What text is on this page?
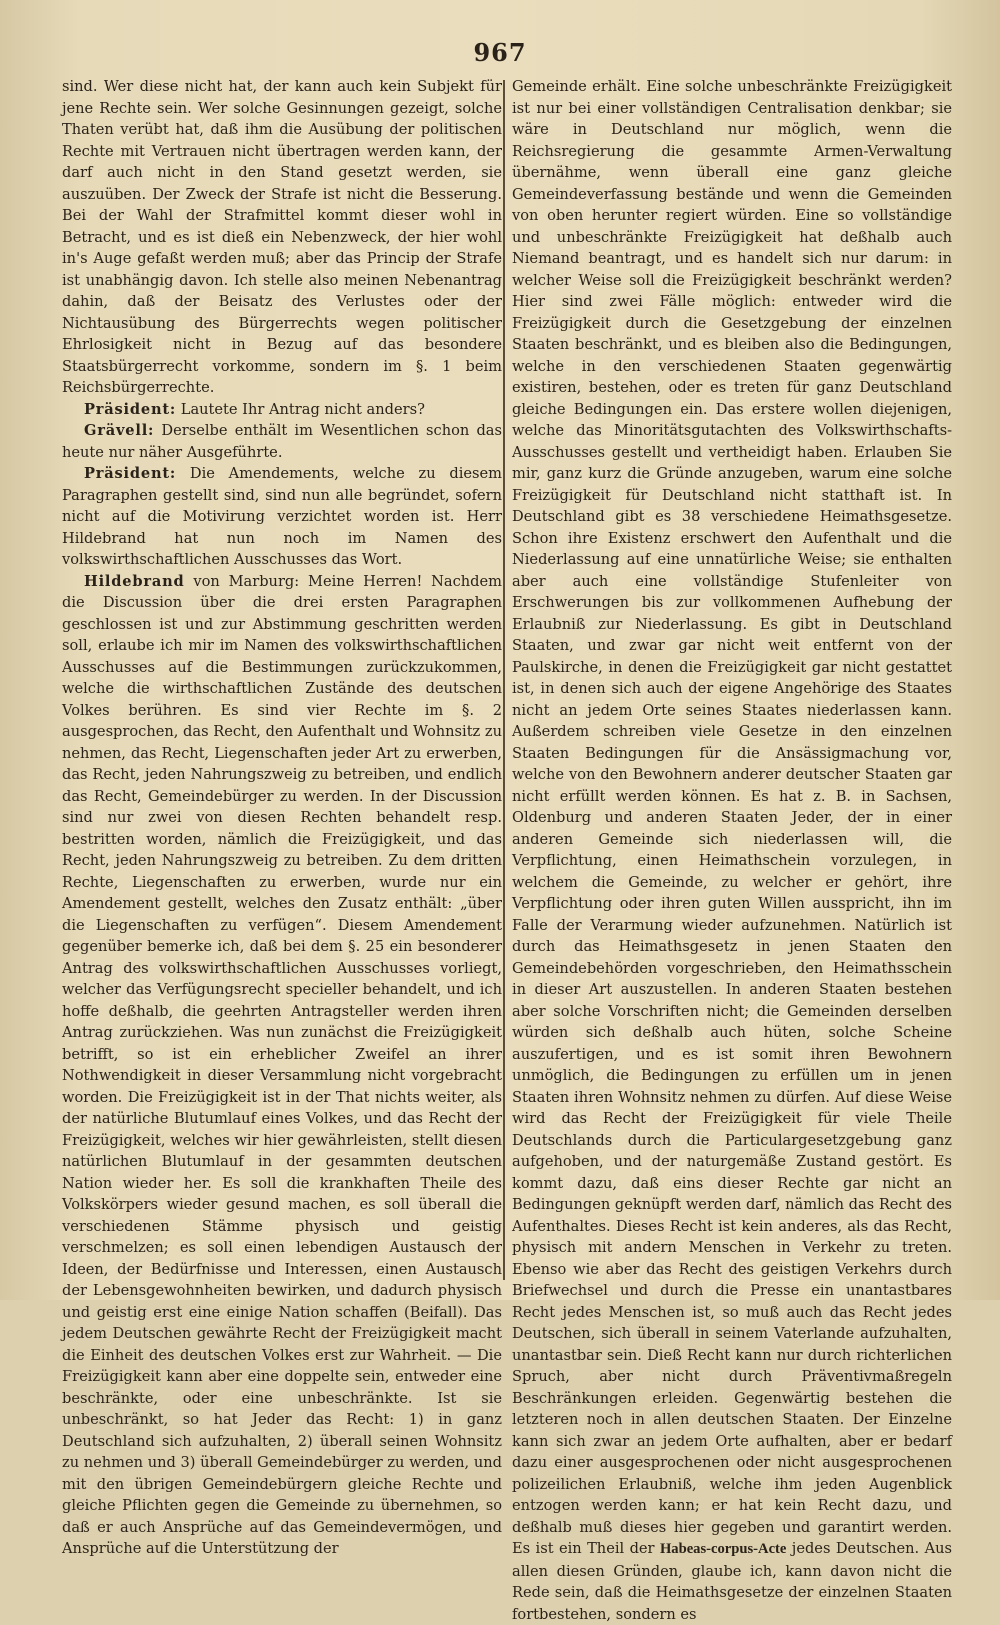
967

sind. Wer diese nicht hat, der kann auch kein Subjekt für jene Rechte sein. Wer solche Gesinnungen gezeigt, solche Thaten verübt hat, daß ihm die Ausübung der politischen Rechte mit Vertrauen nicht übertragen werden kann, der darf auch nicht in den Stand gesetzt werden, sie auszuüben. Der Zweck der Strafe ist nicht die Besserung. Bei der Wahl der Strafmittel kommt dieser wohl in Betracht, und es ist dieß ein Nebenzweck, der hier wohl in's Auge gefaßt werden muß; aber das Princip der Strafe ist unabhängig davon. Ich stelle also meinen Nebenantrag dahin, daß der Beisatz des Verlustes oder der Nichtausübung des Bürgerrechts wegen politischer Ehrlosigkeit nicht in Bezug auf das besondere Staatsbürgerrecht vorkomme, sondern im §. 1 beim Reichsbürgerrechte.

Präsident: Lautete Ihr Antrag nicht anders?

Grävell: Derselbe enthält im Wesentlichen schon das heute nur näher Ausgeführte.

Präsident: Die Amendements, welche zu diesem Paragraphen gestellt sind, sind nun alle begründet, sofern nicht auf die Motivirung verzichtet worden ist. Herr Hildebrand hat nun noch im Namen des volkswirthschaftlichen Ausschusses das Wort.

Hildebrand von Marburg: Meine Herren! Nachdem die Discussion über die drei ersten Paragraphen geschlossen ist und zur Abstimmung geschritten werden soll, erlaube ich mir im Namen des volkswirthschaftlichen Ausschusses auf die Bestimmungen zurückzukommen, welche die wirthschaftlichen Zustände des deutschen Volkes berühren. Es sind vier Rechte im §. 2 ausgesprochen, das Recht, den Aufenthalt und Wohnsitz zu nehmen, das Recht, Liegenschaften jeder Art zu erwerben, das Recht, jeden Nahrungszweig zu betreiben, und endlich das Recht, Gemeindebürger zu werden. In der Discussion sind nur zwei von diesen Rechten behandelt resp. bestritten worden, nämlich die Freizügigkeit, und das Recht, jeden Nahrungszweig zu betreiben. Zu dem dritten Rechte, Liegenschaften zu erwerben, wurde nur ein Amendement gestellt, welches den Zusatz enthält: „über die Liegenschaften zu verfügen“. Diesem Amendement gegenüber bemerke ich, daß bei dem §. 25 ein besonderer Antrag des volkswirthschaftlichen Ausschusses vorliegt, welcher das Verfügungsrecht specieller behandelt, und ich hoffe deßhalb, die geehrten Antragsteller werden ihren Antrag zurückziehen. Was nun zunächst die Freizügigkeit betrifft, so ist ein erheblicher Zweifel an ihrer Nothwendigkeit in dieser Versammlung nicht vorgebracht worden. Die Freizügigkeit ist in der That nichts weiter, als der natürliche Blutumlauf eines Volkes, und das Recht der Freizügigkeit, welches wir hier gewährleisten, stellt diesen natürlichen Blutumlauf in der gesammten deutschen Nation wieder her. Es soll die krankhaften Theile des Volkskörpers wieder gesund machen, es soll überall die verschiedenen Stämme physisch und geistig verschmelzen; es soll einen lebendigen Austausch der Ideen, der Bedürfnisse und Interessen, einen Austausch der Lebensgewohnheiten bewirken, und dadurch physisch und geistig erst eine einige Nation schaffen (Beifall). Das jedem Deutschen gewährte Recht der Freizügigkeit macht die Einheit des deutschen Volkes erst zur Wahrheit. — Die Freizügigkeit kann aber eine doppelte sein, entweder eine beschränkte, oder eine unbeschränkte. Ist sie unbeschränkt, so hat Jeder das Recht: 1) in ganz Deutschland sich aufzuhalten, 2) überall seinen Wohnsitz zu nehmen und 3) überall Gemeindebürger zu werden, und mit den übrigen Gemeindebürgern gleiche Rechte und gleiche Pflichten gegen die Gemeinde zu übernehmen, so daß er auch Ansprüche auf das Gemeindevermögen, und Ansprüche auf die Unterstützung der

Gemeinde erhält. Eine solche unbeschränkte Freizügigkeit ist nur bei einer vollständigen Centralisation denkbar; sie wäre in Deutschland nur möglich, wenn die Reichsregierung die gesammte Armen-Verwaltung übernähme, wenn überall eine ganz gleiche Gemeindeverfassung bestände und wenn die Gemeinden von oben herunter regiert würden. Eine so vollständige und unbeschränkte Freizügigkeit hat deßhalb auch Niemand beantragt, und es handelt sich nur darum: in welcher Weise soll die Freizügigkeit beschränkt werden? Hier sind zwei Fälle möglich: entweder wird die Freizügigkeit durch die Gesetzgebung der einzelnen Staaten beschränkt, und es bleiben also die Bedingungen, welche in den verschiedenen Staaten gegenwärtig existiren, bestehen, oder es treten für ganz Deutschland gleiche Bedingungen ein. Das erstere wollen diejenigen, welche das Minoritätsgutachten des Volkswirthschafts-Ausschusses gestellt und vertheidigt haben. Erlauben Sie mir, ganz kurz die Gründe anzugeben, warum eine solche Freizügigkeit für Deutschland nicht statthaft ist. In Deutschland gibt es 38 verschiedene Heimathsgesetze. Schon ihre Existenz erschwert den Aufenthalt und die Niederlassung auf eine unnatürliche Weise; sie enthalten aber auch eine vollständige Stufenleiter von Erschwerungen bis zur vollkommenen Aufhebung der Erlaubniß zur Niederlassung. Es gibt in Deutschland Staaten, und zwar gar nicht weit entfernt von der Paulskirche, in denen die Freizügigkeit gar nicht gestattet ist, in denen sich auch der eigene Angehörige des Staates nicht an jedem Orte seines Staates niederlassen kann. Außerdem schreiben viele Gesetze in den einzelnen Staaten Bedingungen für die Ansässigmachung vor, welche von den Bewohnern anderer deutscher Staaten gar nicht erfüllt werden können. Es hat z. B. in Sachsen, Oldenburg und anderen Staaten Jeder, der in einer anderen Gemeinde sich niederlassen will, die Verpflichtung, einen Heimathschein vorzulegen, in welchem die Gemeinde, zu welcher er gehört, ihre Verpflichtung oder ihren guten Willen ausspricht, ihn im Falle der Verarmung wieder aufzunehmen. Natürlich ist durch das Heimathsgesetz in jenen Staaten den Gemeindebehörden vorgeschrieben, den Heimathsschein in dieser Art auszustellen. In anderen Staaten bestehen aber solche Vorschriften nicht; die Gemeinden derselben würden sich deßhalb auch hüten, solche Scheine auszufertigen, und es ist somit ihren Bewohnern unmöglich, die Bedingungen zu erfüllen um in jenen Staaten ihren Wohnsitz nehmen zu dürfen. Auf diese Weise wird das Recht der Freizügigkeit für viele Theile Deutschlands durch die Particulargesetzgebung ganz aufgehoben, und der naturgemäße Zustand gestört. Es kommt dazu, daß eins dieser Rechte gar nicht an Bedingungen geknüpft werden darf, nämlich das Recht des Aufenthaltes. Dieses Recht ist kein anderes, als das Recht, physisch mit andern Menschen in Verkehr zu treten. Ebenso wie aber das Recht des geistigen Verkehrs durch Briefwechsel und durch die Presse ein unantastbares Recht jedes Menschen ist, so muß auch das Recht jedes Deutschen, sich überall in seinem Vaterlande aufzuhalten, unantastbar sein. Dieß Recht kann nur durch richterlichen Spruch, aber nicht durch Präventivmaßregeln Beschränkungen erleiden. Gegenwärtig bestehen die letzteren noch in allen deutschen Staaten. Der Einzelne kann sich zwar an jedem Orte aufhalten, aber er bedarf dazu einer ausgesprochenen oder nicht ausgesprochenen polizeilichen Erlaubniß, welche ihm jeden Augenblick entzogen werden kann; er hat kein Recht dazu, und deßhalb muß dieses hier gegeben und garantirt werden. Es ist ein Theil der Habeas-corpus-Acte jedes Deutschen. Aus allen diesen Gründen, glaube ich, kann davon nicht die Rede sein, daß die Heimathsgesetze der einzelnen Staaten fortbestehen, sondern es
